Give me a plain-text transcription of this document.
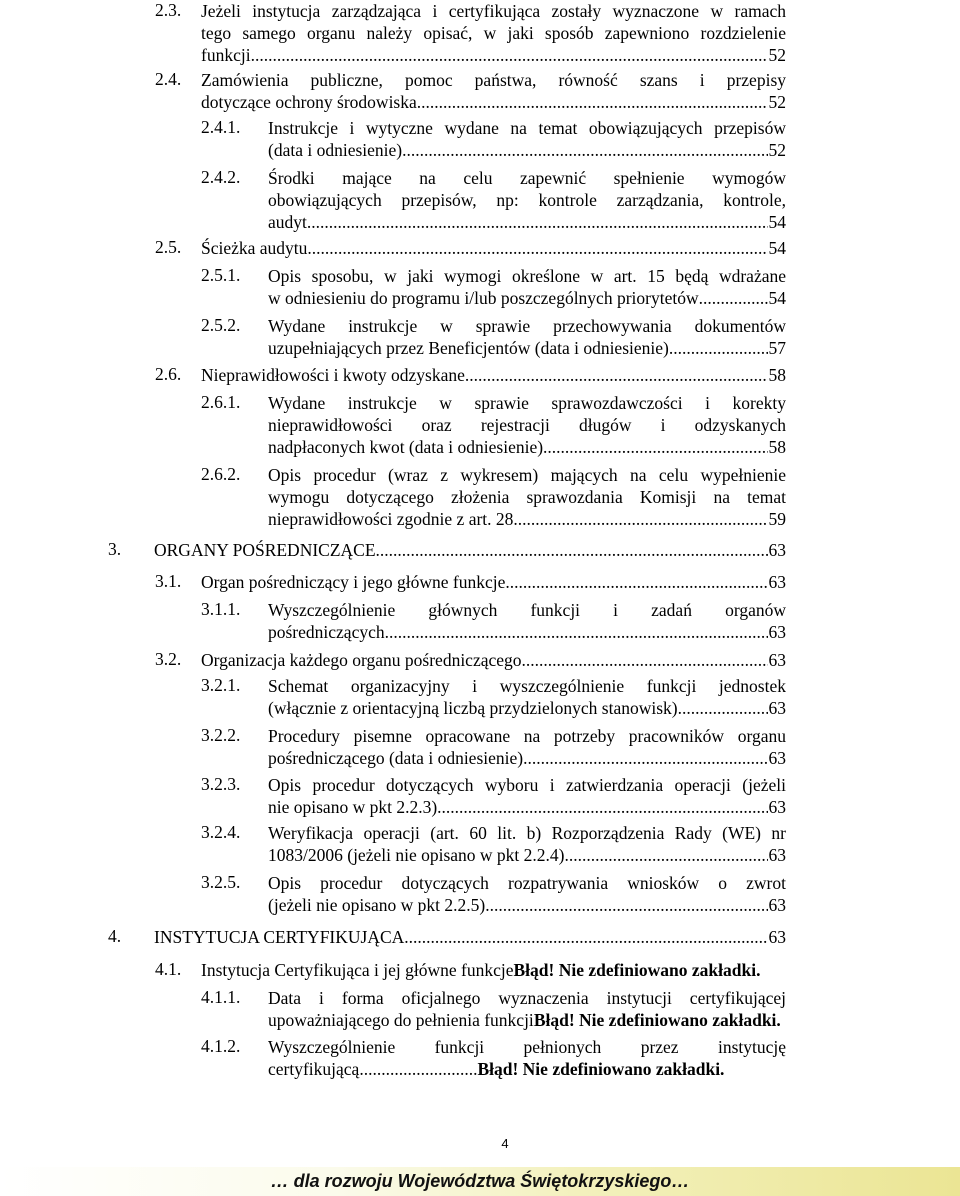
2.3. Jeżeli instytucja zarządzająca i certyfikująca zostały wyznaczone w ramach
tego samego organu należy opisać, w jaki sposób zapewniono rozdzielenie
funkcji. .....	52
2.4. Zamówienia publiczne, pomoc państwa, równość szans i przepisy
dotyczące ochrony środowiska. .....	52
2.4.1. Instrukcje i wytyczne wydane na temat obowiązujących przepisów
(data i odniesienie) .....	52
2.4.2. Środki mające na celu zapewnić spełnienie wymogów
obowiązujących przepisów, np: kontrole zarządzania, kontrole,
audyt .....	54
2.5. Ścieżka audytu .....	54
2.5.1. Opis sposobu, w jaki wymogi określone w art. 15 będą wdrażane
w odniesieniu do programu i/lub poszczególnych priorytetów .....	54
2.5.2. Wydane instrukcje w sprawie przechowywania dokumentów
uzupełniających przez Beneficjentów (data i odniesienie) .....	57
2.6. Nieprawidłowości i kwoty odzyskane .....	58
2.6.1. Wydane instrukcje w sprawie sprawozdawczości i korekty
nieprawidłowości oraz rejestracji długów i odzyskanych
nadpłaconych kwot (data i odniesienie) .....	58
2.6.2. Opis procedur (wraz z wykresem) mających na celu wypełnienie
wymogu dotyczącego złożenia sprawozdania Komisji na temat
nieprawidłowości zgodnie z art. 28 .....	59
3. ORGANY POŚREDNICZĄCE .....	63
3.1. Organ pośredniczący i jego główne funkcje .....	63
3.1.1. Wyszczególnienie głównych funkcji i zadań organów
pośredniczących .....	63
3.2. Organizacja każdego organu pośredniczącego. .....	63
3.2.1. Schemat organizacyjny i wyszczególnienie funkcji jednostek
(włącznie z orientacyjną liczbą przydzielonych stanowisk) .....	63
3.2.2. Procedury pisemne opracowane na potrzeby pracowników organu
pośredniczącego (data i odniesienie) .....	63
3.2.3. Opis procedur dotyczących wyboru i zatwierdzania operacji (jeżeli
nie opisano w pkt 2.2.3) .....	63
3.2.4. Weryfikacja operacji (art. 60 lit. b) Rozporządzenia Rady (WE) nr
1083/2006 (jeżeli nie opisano w pkt 2.2.4) .....	63
3.2.5. Opis procedur dotyczących rozpatrywania wniosków o zwrot
(jeżeli nie opisano w pkt 2.2.5) .....	63
4. INSTYTUCJA CERTYFIKUJĄCA .....	63
4.1. Instytucja Certyfikująca i jej główne funkcjeBłąd! Nie zdefiniowano zakładki.
4.1.1. Data i forma oficjalnego wyznaczenia instytucji certyfikującej
upoważniającego do pełnienia funkcjiBłąd! Nie zdefiniowano zakładki.
4.1.2. Wyszczególnienie funkcji pełnionych przez instytucję
certyfikującą...........................Błąd! Nie zdefiniowano zakładki.
4
… dla rozwoju Województwa Świętokrzyskiego…
